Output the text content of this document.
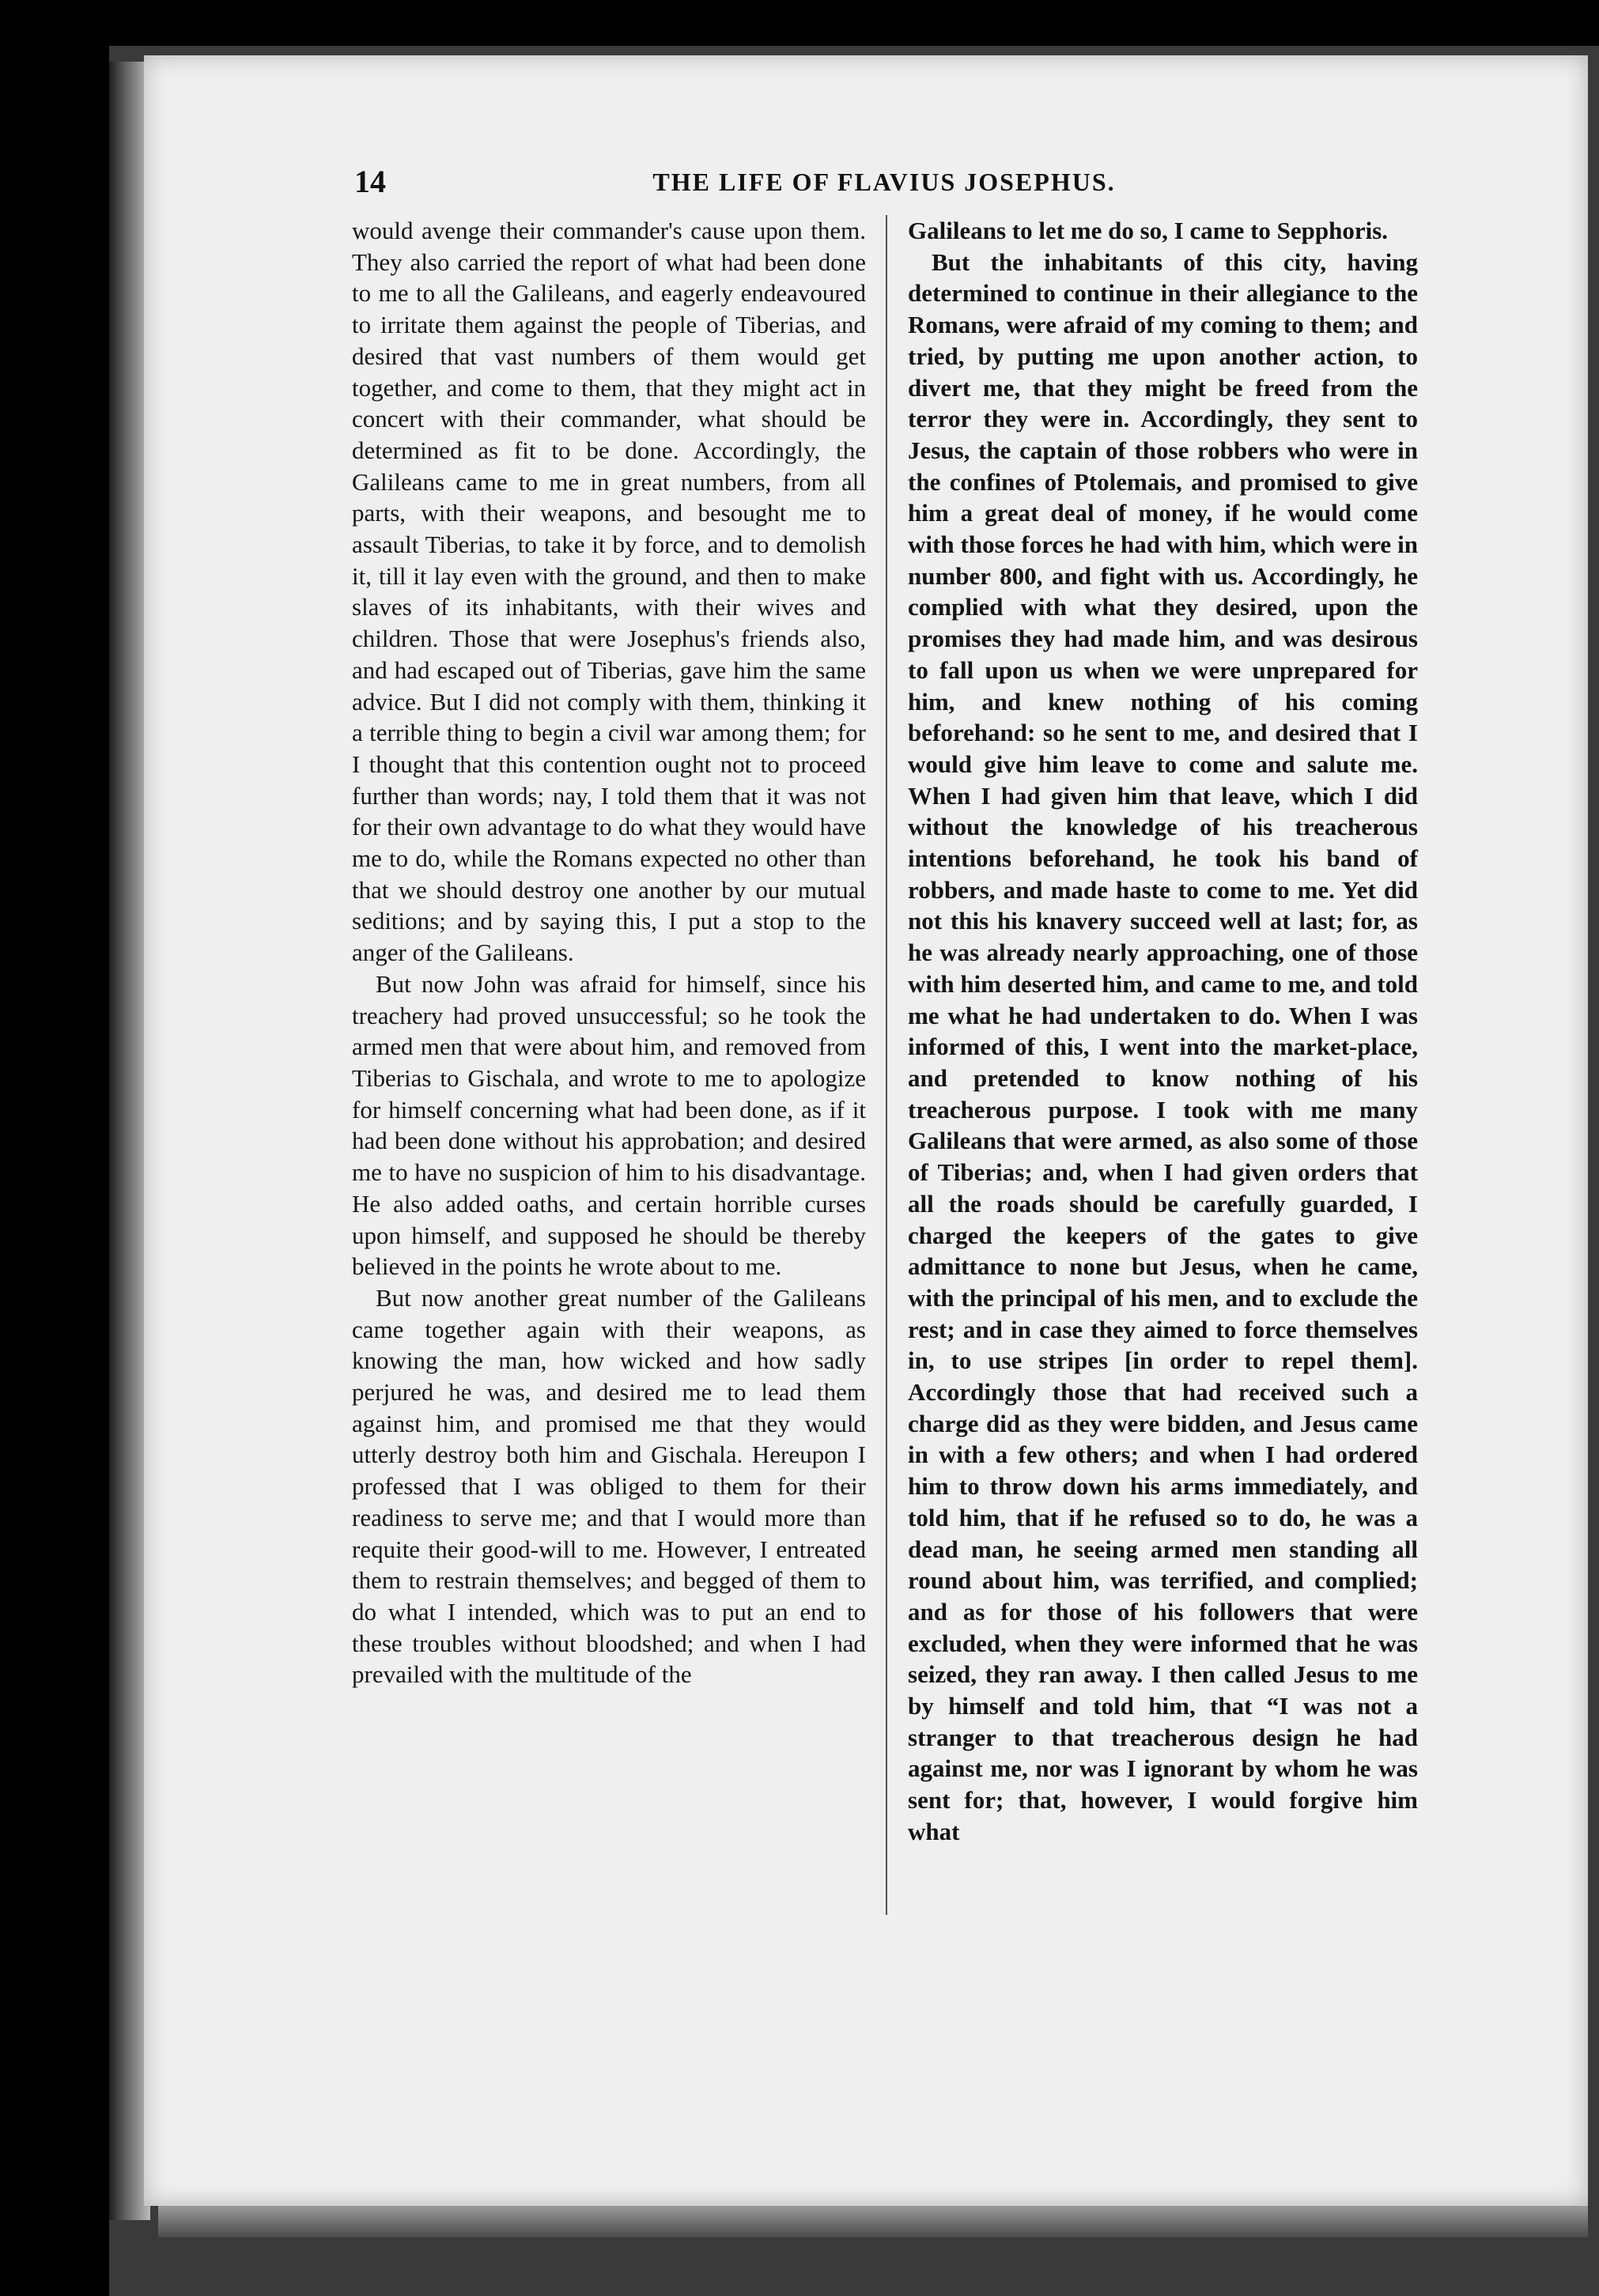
14	THE LIFE OF FLAVIUS JOSEPHUS.

would avenge their commander's cause upon them. They also carried the report of what had been done to me to all the Galileans, and eagerly endeavoured to irritate them against the people of Tiberias, and desired that vast numbers of them would get together, and come to them, that they might act in concert with their commander, what should be determined as fit to be done. Accordingly, the Galileans came to me in great numbers, from all parts, with their weapons, and besought me to assault Tiberias, to take it by force, and to demolish it, till it lay even with the ground, and then to make slaves of its inhabitants, with their wives and children. Those that were Josephus's friends also, and had escaped out of Tiberias, gave him the same advice. But I did not comply with them, thinking it a terrible thing to begin a civil war among them; for I thought that this contention ought not to proceed further than words; nay, I told them that it was not for their own advantage to do what they would have me to do, while the Romans expected no other than that we should destroy one another by our mutual seditions; and by saying this, I put a stop to the anger of the Galileans.

But now John was afraid for himself, since his treachery had proved unsuccessful; so he took the armed men that were about him, and removed from Tiberias to Gischala, and wrote to me to apologize for himself concerning what had been done, as if it had been done without his approbation; and desired me to have no suspicion of him to his disadvantage. He also added oaths, and certain horrible curses upon himself, and supposed he should be thereby believed in the points he wrote about to me.

But now another great number of the Galileans came together again with their weapons, as knowing the man, how wicked and how sadly perjured he was, and desired me to lead them against him, and promised me that they would utterly destroy both him and Gischala. Hereupon I professed that I was obliged to them for their readiness to serve me; and that I would more than requite their good-will to me. However, I entreated them to restrain themselves; and begged of them to do what I intended, which was to put an end to these troubles without bloodshed; and when I had prevailed with the multitude of the

Galileans to let me do so, I came to Sepphoris.

But the inhabitants of this city, having determined to continue in their allegiance to the Romans, were afraid of my coming to them; and tried, by putting me upon another action, to divert me, that they might be freed from the terror they were in. Accordingly, they sent to Jesus, the captain of those robbers who were in the confines of Ptolemais, and promised to give him a great deal of money, if he would come with those forces he had with him, which were in number 800, and fight with us. Accordingly, he complied with what they desired, upon the promises they had made him, and was desirous to fall upon us when we were unprepared for him, and knew nothing of his coming beforehand: so he sent to me, and desired that I would give him leave to come and salute me. When I had given him that leave, which I did without the knowledge of his treacherous intentions beforehand, he took his band of robbers, and made haste to come to me. Yet did not this his knavery succeed well at last; for, as he was already nearly approaching, one of those with him deserted him, and came to me, and told me what he had undertaken to do. When I was informed of this, I went into the market-place, and pretended to know nothing of his treacherous purpose. I took with me many Galileans that were armed, as also some of those of Tiberias; and, when I had given orders that all the roads should be carefully guarded, I charged the keepers of the gates to give admittance to none but Jesus, when he came, with the principal of his men, and to exclude the rest; and in case they aimed to force themselves in, to use stripes [in order to repel them]. Accordingly those that had received such a charge did as they were bidden, and Jesus came in with a few others; and when I had ordered him to throw down his arms immediately, and told him, that if he refused so to do, he was a dead man, he seeing armed men standing all round about him, was terrified, and complied; and as for those of his followers that were excluded, when they were informed that he was seized, they ran away. I then called Jesus to me by himself and told him, that “I was not a stranger to that treacherous design he had against me, nor was I ignorant by whom he was sent for; that, however, I would forgive him what
